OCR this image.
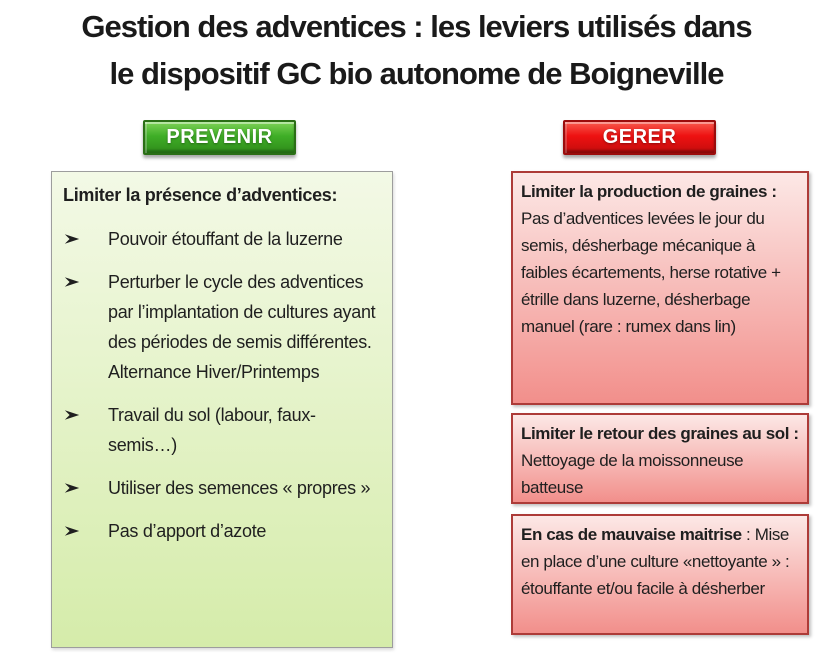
Gestion des adventices : les leviers utilisés dans
le dispositif GC bio autonome de Boigneville
PREVENIR	GERER
Limiter la présence d’adventices:
Pouvoir étouffant de la luzerne
Perturber le cycle des adventices par l’implantation de cultures ayant des périodes de semis différentes. Alternance Hiver/Printemps
Travail du sol (labour, faux-semis…)
Utiliser des semences « propres »
Pas d’apport d’azote
Limiter la production de graines : Pas d’adventices levées le jour du semis, désherbage mécanique à faibles écartements, herse rotative + étrille dans luzerne, désherbage manuel (rare : rumex dans lin)
Limiter le retour des graines au sol : Nettoyage de la moissonneuse batteuse
En cas de mauvaise maitrise : Mise en place d’une culture «nettoyante » : étouffante et/ou facile à désherber
